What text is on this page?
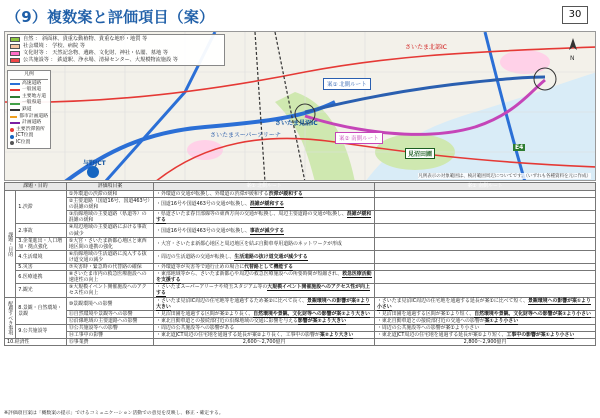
（9）複数案と評価項目（案）	30
N
自然 ： 斜面林、貴重な動植物、貴重な地形・地質 等
社会環境 ： 学校、病院 等
文化財等 ： 天然記念物、遺跡、文化財、神社・仏閣、墓地 等
公共施設等 ： 鉄道駅、浄水場、清掃センター、大規模物流施設 等
凡例
高速道路
一般国道
主要地方道
一般県道
鉄道
都市計画道路
計画道路
主要渋滞箇所
JCT位置
IC位置
案① 北側ルート
案② 南側ルート
さいたま見沼IC
さいたま北部IC
与野JCT
見沼田圃
E4
さいたまスーパーアリーナ
凡例表示の対象範囲は、検討範囲周辺についてです。（いずれも各種資料を元に作成）
課題・目的		評価項目案	案① 北側ルート	案② 南側ルート
課題・目的	1.渋滞	①外環道の渋滞の緩和	・外環道の交通が転換し、外環道の渋滞が緩和する渋滞が緩和する	
		②主要道路（国道16号、国道463号）の混雑の緩和	・国道16号や国道463号の交通が転換し、混雑が緩和する	
		③沿線地域の主要道路（県道等）の混雑の緩和	・県道さいたま春日部線等の東西方向の交通が転換し、周辺主要道路の交通が転換し、混雑が緩和する	
	2.事故	④周辺地域の主要道路における事故の減少	・国道16号や国道463号の交通が転換し、事故が減少する	
	3.企業進出・人口増加・拠点強化	⑤大宮・さいたま新都心地区と東西地区間の連携の強化	・大宮・さいたま新都心地区と周辺地区を結ぶ自動車専用道路のネットワークが形成	
	4.生活環境	⑥沿線地域の生活道路に流入する抜け道交通の減少	・周辺の生活道路の交通が転換し、生活道路の抜け道交通が減少する	
	5.災害	⑦災害時・緊急時の代替路の確保	・外環道等が災害等で通行止めの場合に代替路として機能する	
	6.医療連携	⑧さいたま市内の救急医療施設への速達性の向上	・東部地域等から、さいたま新都心や周辺の救急医療施設への所要時間が短縮され、救急医療活動を支援する	
	7.観光	⑨大規模イベント開催施設へのアクセス性の向上	・さいたまスーパーアリーナや埼玉スタジアム等の大規模イベント開催施設へのアクセス性が向上する	
配慮すべき事項	8.景観・自然環境・景観	⑩景観環境への影響	・さいたま見沼IC周辺の住宅地等を通過するため案②に比べて長く、景観環境への影響が案②より大きい	・さいたま見沼IC周辺の住宅地を通過する延長が案①に比べて短く、景観環境への影響が案①より小さい
		⑪自然環境や景観等への影響	・見沼田圃を通過する区間が案②より長く、自然環境や景観、文化財等への影響が案②より大きい	・見沼田圃を通過する区間が案①より短く、自然環境や景観、文化財等への影響が案①より小さい
		⑫沿線地域の主要道路への影響	・東北自動車道との接続部付近の沿線地域の交通に影響を与える影響が案②より大きい	・東北自動車道との接続部付近の交通への影響が案①より小さい
	9.公共施設等	⑬公共施設等への影響	・周辺の公共施設等への影響がある	・周辺の公共施設等への影響が案①より小さい
		⑭工事中の影響	・東北道JCT周辺の住宅地を通過する延長が案②より長く、工事中の影響が案②より大きい	・東北道JCT周辺の住宅地を通過する延長が案①より短く、工事中の影響が案①より小さい
10.経済性		⑮事業費	2,600〜2,700億円	2,800〜2,900億円
※評価項目案は「概数案の提示」でけるコミュニケーション活動での意見を反映し、修正・確定する。
